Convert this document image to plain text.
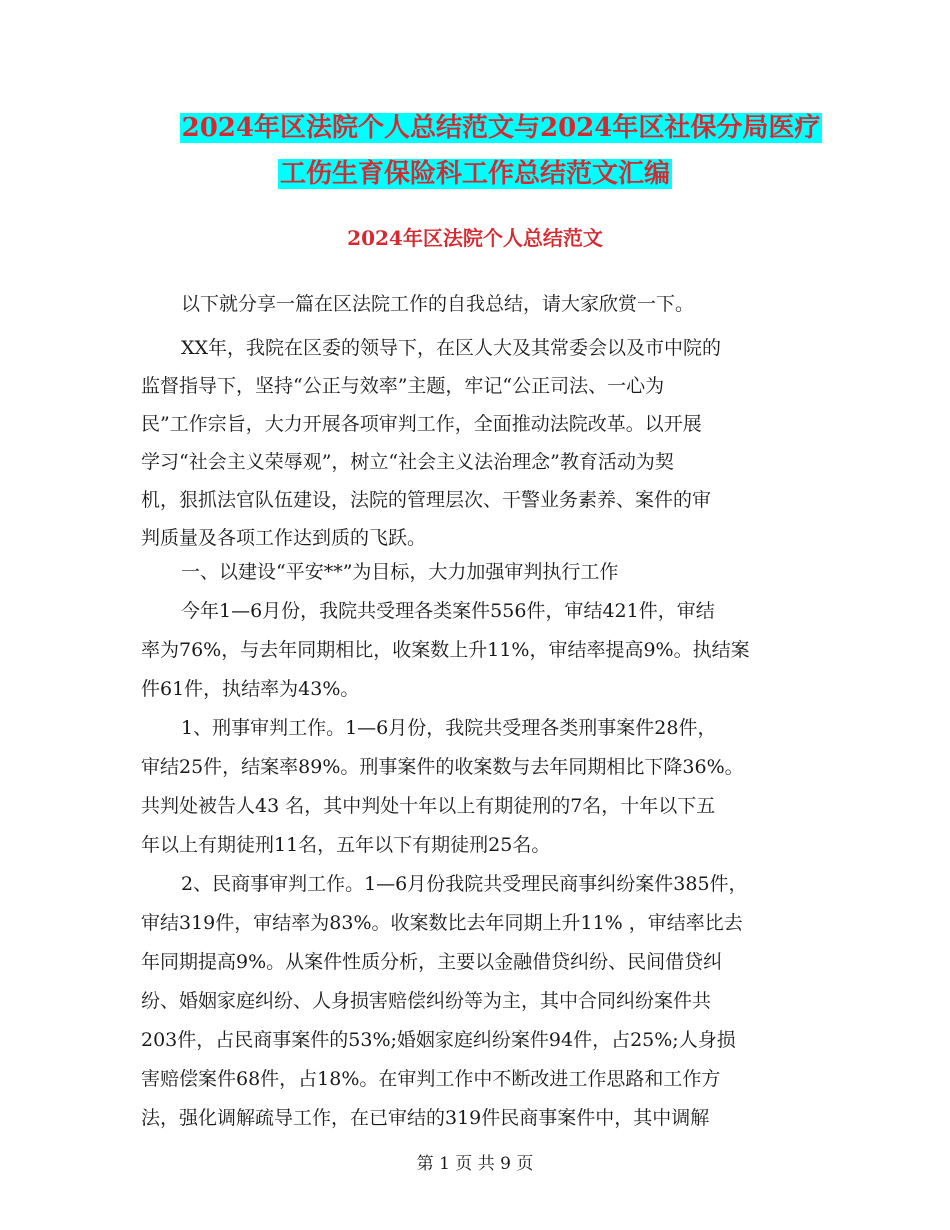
2024年区法院个人总结范文与2024年区社保分局医疗
工伤生育保险科工作总结范文汇编
2024年区法院个人总结范文
以下就分享一篇在区法院工作的自我总结，请大家欣赏一下。
XX年，我院在区委的领导下，在区人大及其常委会以及市中院的
监督指导下，坚持“公正与效率”主题，牢记“公正司法、一心为
民”工作宗旨，大力开展各项审判工作，全面推动法院改革。以开展
学习“社会主义荣辱观”，树立“社会主义法治理念”教育活动为契
机，狠抓法官队伍建设，法院的管理层次、干警业务素养、案件的审
判质量及各项工作达到质的飞跃。
一、以建设“平安**”为目标，大力加强审判执行工作
今年1—6月份，我院共受理各类案件556件，审结421件，审结
率为76%，与去年同期相比，收案数上升11%，审结率提高9%。执结案
件61件，执结率为43%。
1、刑事审判工作。1—6月份，我院共受理各类刑事案件28件，
审结25件，结案率89%。刑事案件的收案数与去年同期相比下降36%。
共判处被告人43 名，其中判处十年以上有期徒刑的7名，十年以下五
年以上有期徒刑11名，五年以下有期徒刑25名。
2、民商事审判工作。1—6月份我院共受理民商事纠纷案件385件，
审结319件，审结率为83%。收案数比去年同期上升11% ，审结率比去
年同期提高9%。从案件性质分析，主要以金融借贷纠纷、民间借贷纠
纷、婚姻家庭纠纷、人身损害赔偿纠纷等为主，其中合同纠纷案件共
203件，占民商事案件的53%;婚姻家庭纠纷案件94件，占25%;人身损
害赔偿案件68件，占18%。在审判工作中不断改进工作思路和工作方
法，强化调解疏导工作，在已审结的319件民商事案件中，其中调解
第 1 页 共 9 页
